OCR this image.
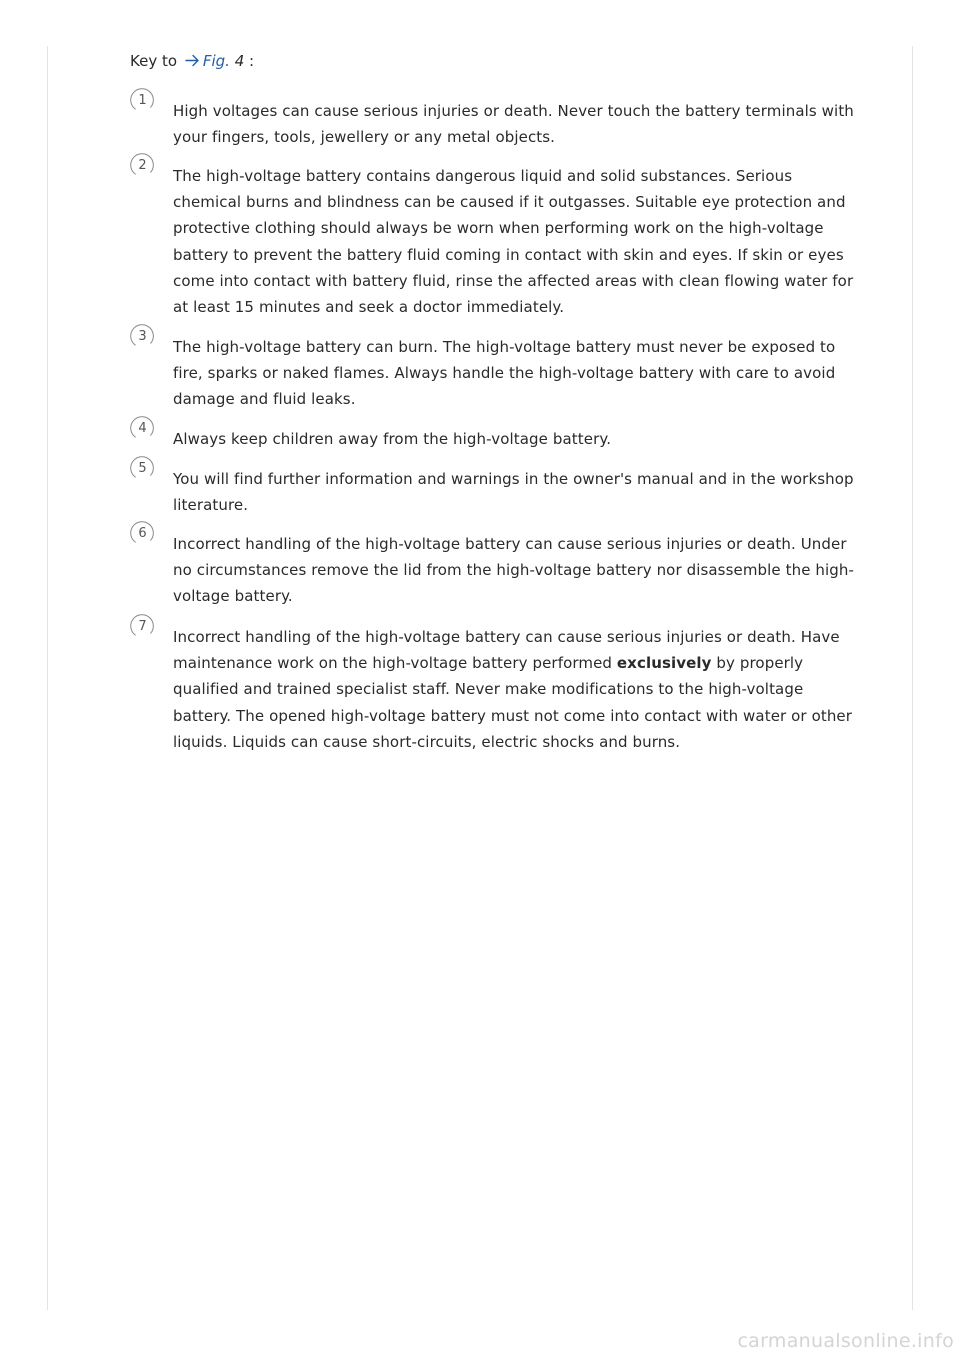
Key to Fig. 4 :
1
High voltages can cause serious injuries or death. Never touch the battery terminals with your fingers, tools, jewellery or any metal objects.
2
The high-voltage battery contains dangerous liquid and solid substances. Serious chemical burns and blindness can be caused if it outgasses. Suitable eye protection and protective clothing should always be worn when performing work on the high-voltage battery to prevent the battery fluid coming in contact with skin and eyes. If skin or eyes come into contact with battery fluid, rinse the affected areas with clean flowing water for at least 15 minutes and seek a doctor immediately.
3
The high-voltage battery can burn. The high-voltage battery must never be exposed to fire, sparks or naked flames. Always handle the high-voltage battery with care to avoid damage and fluid leaks.
4
Always keep children away from the high-voltage battery.
5
You will find further information and warnings in the owner's manual and in the workshop literature.
6
Incorrect handling of the high-voltage battery can cause serious injuries or death. Under no circumstances remove the lid from the high-voltage battery nor disassemble the high-voltage battery.
7
Incorrect handling of the high-voltage battery can cause serious injuries or death. Have maintenance work on the high-voltage battery performed exclusively by properly qualified and trained specialist staff. Never make modifications to the high-voltage battery. The opened high-voltage battery must not come into contact with water or other liquids. Liquids can cause short-circuits, electric shocks and burns.
carmanualsonline.info
